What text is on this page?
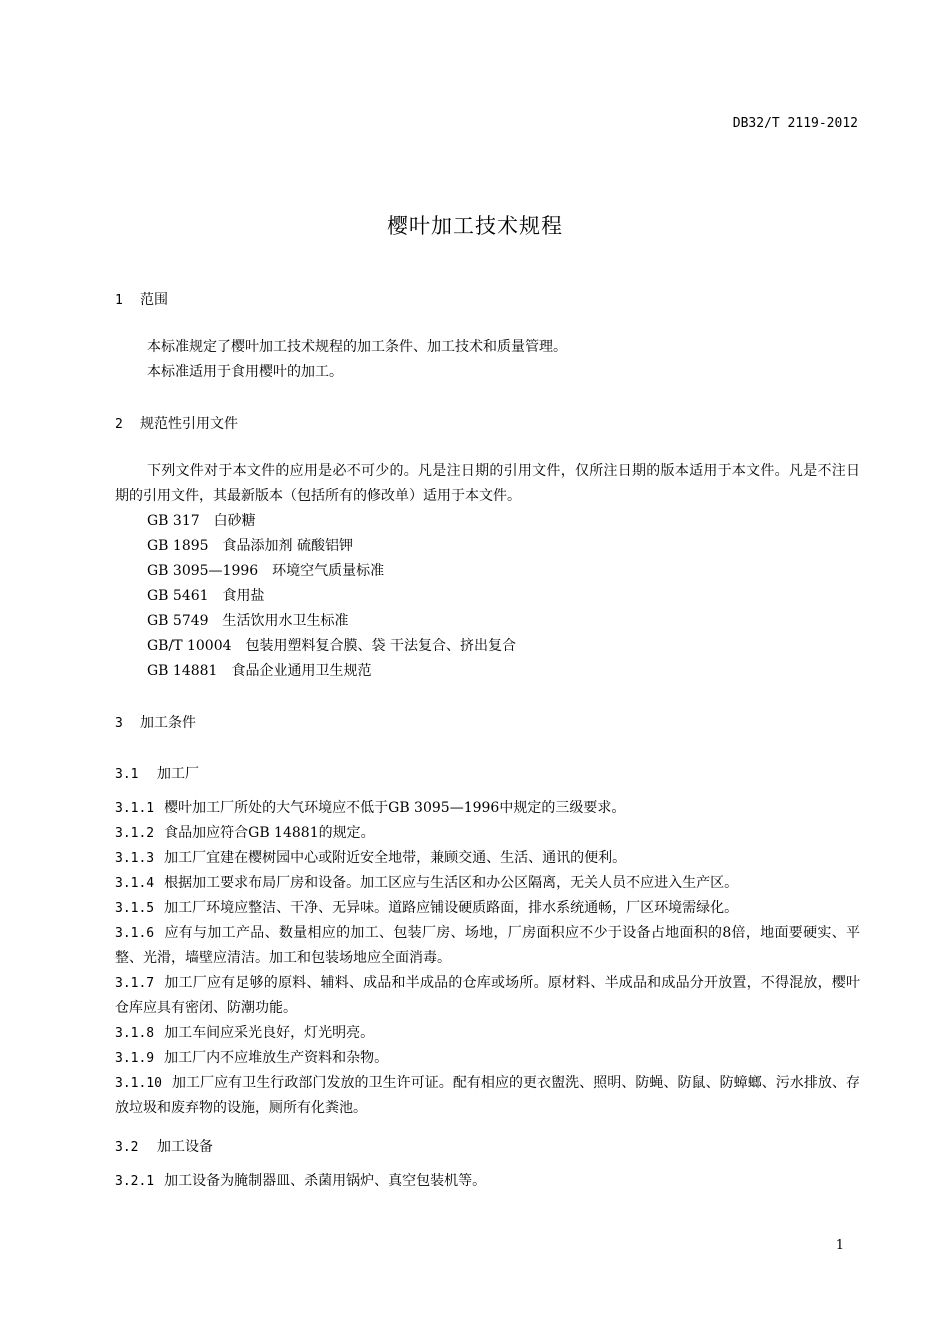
DB32/T 2119-2012
樱叶加工技术规程
1 范围
本标准规定了樱叶加工技术规程的加工条件、加工技术和质量管理。
本标准适用于食用樱叶的加工。
2 规范性引用文件
下列文件对于本文件的应用是必不可少的。凡是注日期的引用文件，仅所注日期的版本适用于本文件。凡是不注日期的引用文件，其最新版本（包括所有的修改单）适用于本文件。
GB 317　白砂糖
GB 1895　食品添加剂 硫酸铝钾
GB 3095—1996　环境空气质量标准
GB 5461　食用盐
GB 5749　生活饮用水卫生标准
GB/T 10004　包装用塑料复合膜、袋 干法复合、挤出复合
GB 14881　食品企业通用卫生规范
3 加工条件
3.1 加工厂
3.1.1 樱叶加工厂所处的大气环境应不低于GB 3095—1996中规定的三级要求。
3.1.2 食品加应符合GB 14881的规定。
3.1.3 加工厂宜建在樱树园中心或附近安全地带，兼顾交通、生活、通讯的便利。
3.1.4 根据加工要求布局厂房和设备。加工区应与生活区和办公区隔离，无关人员不应进入生产区。
3.1.5 加工厂环境应整洁、干净、无异味。道路应铺设硬质路面，排水系统通畅，厂区环境需绿化。
3.1.6 应有与加工产品、数量相应的加工、包装厂房、场地，厂房面积应不少于设备占地面积的8倍，地面要硬实、平整、光滑，墙壁应清洁。加工和包装场地应全面消毒。
3.1.7 加工厂应有足够的原料、辅料、成品和半成品的仓库或场所。原材料、半成品和成品分开放置，不得混放，樱叶仓库应具有密闭、防潮功能。
3.1.8 加工车间应采光良好，灯光明亮。
3.1.9 加工厂内不应堆放生产资料和杂物。
3.1.10 加工厂应有卫生行政部门发放的卫生许可证。配有相应的更衣盥洗、照明、防蝇、防鼠、防蟑螂、污水排放、存放垃圾和废弃物的设施，厕所有化粪池。
3.2 加工设备
3.2.1 加工设备为腌制器皿、杀菌用锅炉、真空包装机等。
1
